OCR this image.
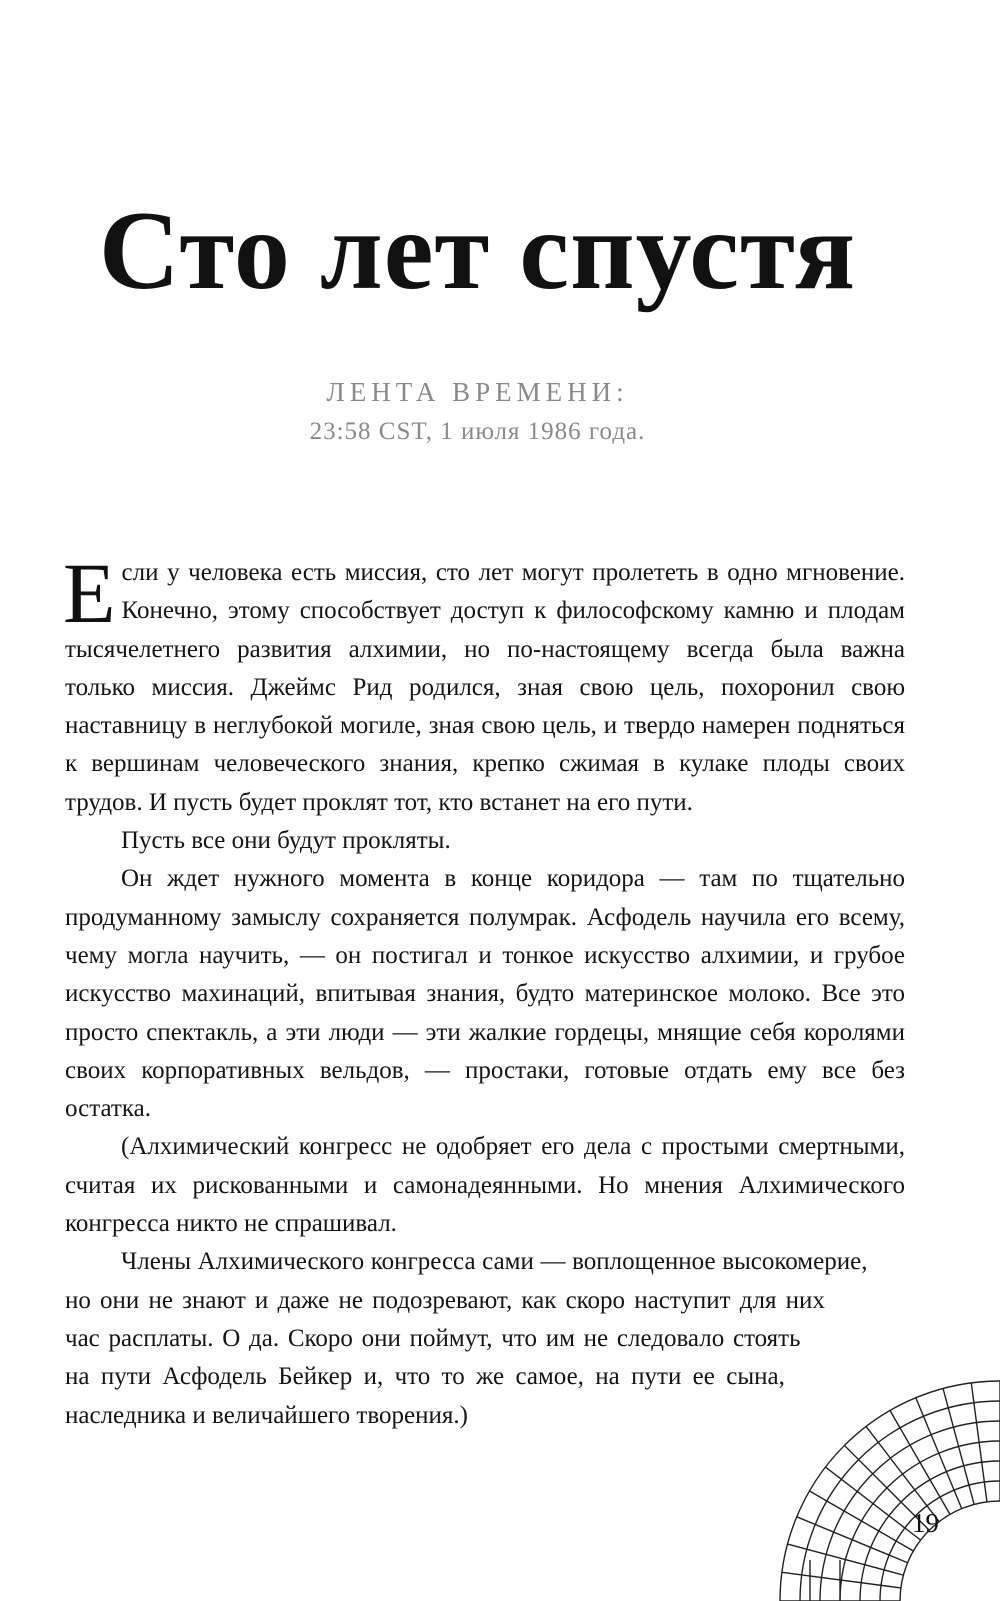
Сто лет спустя
ЛЕНТА ВРЕМЕНИ:
23:58 CST, 1 июля 1986 года.
Е сли у человека есть миссия, сто лет могут пролететь в одно мгновение. Конечно, этому способствует доступ к философскому камню и плодам тысячелетнего развития алхимии, но по-настоящему всегда была важна только миссия. Джеймс Рид родился, зная свою цель, похоронил свою наставницу в неглубокой могиле, зная свою цель, и твердо намерен подняться к вершинам человеческого знания, крепко сжимая в кулаке плоды своих трудов. И пусть будет проклят тот, кто встанет на его пути.

Пусть все они будут прокляты.

Он ждет нужного момента в конце коридора — там по тщательно продуманному замыслу сохраняется полумрак. Асфодель научила его всему, чему могла научить, — он постигал и тонкое искусство алхимии, и грубое искусство махинаций, впитывая знания, будто материнское молоко. Все это просто спектакль, а эти люди — эти жалкие гордецы, мнящие себя королями своих корпоративных вельдов, — простаки, готовые отдать ему все без остатка.

(Алхимический конгресс не одобряет его дела с простыми смертными, считая их рискованными и самонадеянными. Но мнения Алхимического конгресса никто не спрашивал.

Члены Алхимического конгресса сами — воплощенное высокомерие, но они не знают и даже не подозревают, как скоро наступит для них час расплаты. О да. Скоро они поймут, что им не следовало стоять на пути Асфодель Бейкер и, что то же самое, на пути ее сына, наследника и величайшего творения.)

19
